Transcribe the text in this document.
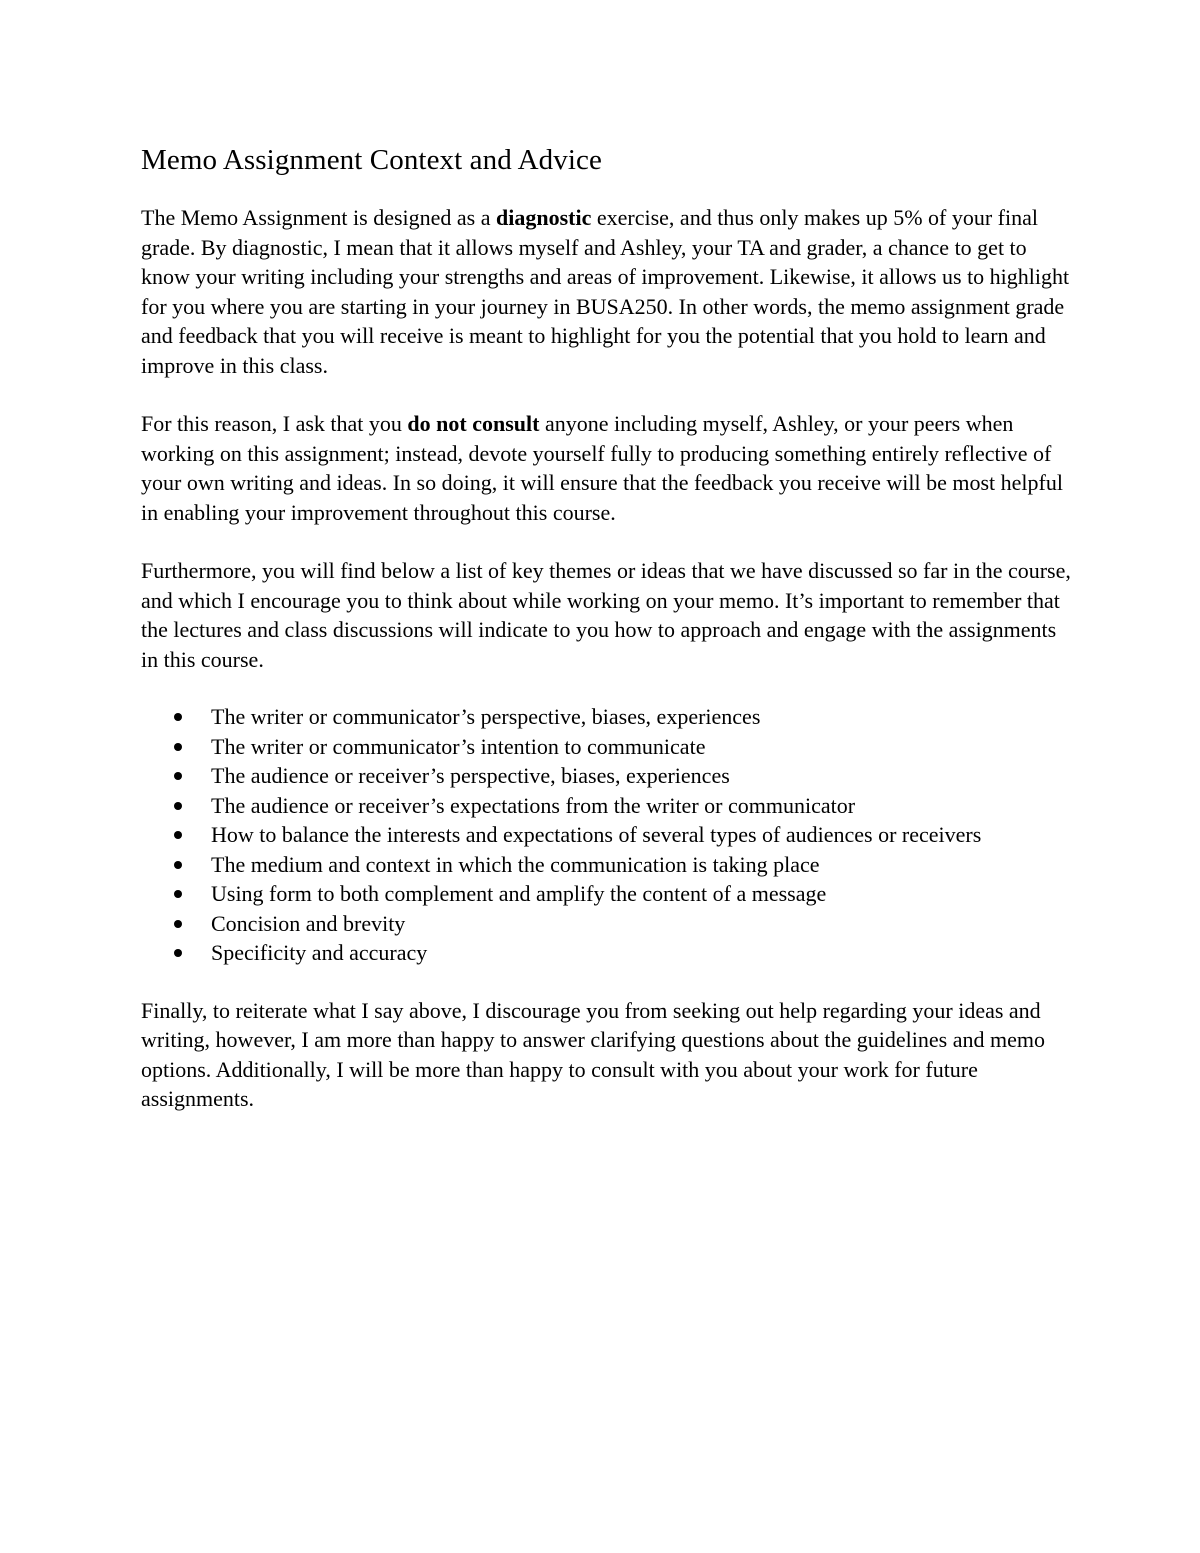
Memo Assignment Context and Advice

The Memo Assignment is designed as a diagnostic exercise, and thus only makes up 5% of your final grade. By diagnostic, I mean that it allows myself and Ashley, your TA and grader, a chance to get to know your writing including your strengths and areas of improvement. Likewise, it allows us to highlight for you where you are starting in your journey in BUSA250. In other words, the memo assignment grade and feedback that you will receive is meant to highlight for you the potential that you hold to learn and improve in this class.

For this reason, I ask that you do not consult anyone including myself, Ashley, or your peers when working on this assignment; instead, devote yourself fully to producing something entirely reflective of your own writing and ideas. In so doing, it will ensure that the feedback you receive will be most helpful in enabling your improvement throughout this course.

Furthermore, you will find below a list of key themes or ideas that we have discussed so far in the course, and which I encourage you to think about while working on your memo. It’s important to remember that the lectures and class discussions will indicate to you how to approach and engage with the assignments in this course.

The writer or communicator’s perspective, biases, experiences
The writer or communicator’s intention to communicate
The audience or receiver’s perspective, biases, experiences
The audience or receiver’s expectations from the writer or communicator
How to balance the interests and expectations of several types of audiences or receivers
The medium and context in which the communication is taking place
Using form to both complement and amplify the content of a message
Concision and brevity
Specificity and accuracy

Finally, to reiterate what I say above, I discourage you from seeking out help regarding your ideas and writing, however, I am more than happy to answer clarifying questions about the guidelines and memo options. Additionally, I will be more than happy to consult with you about your work for future assignments.
